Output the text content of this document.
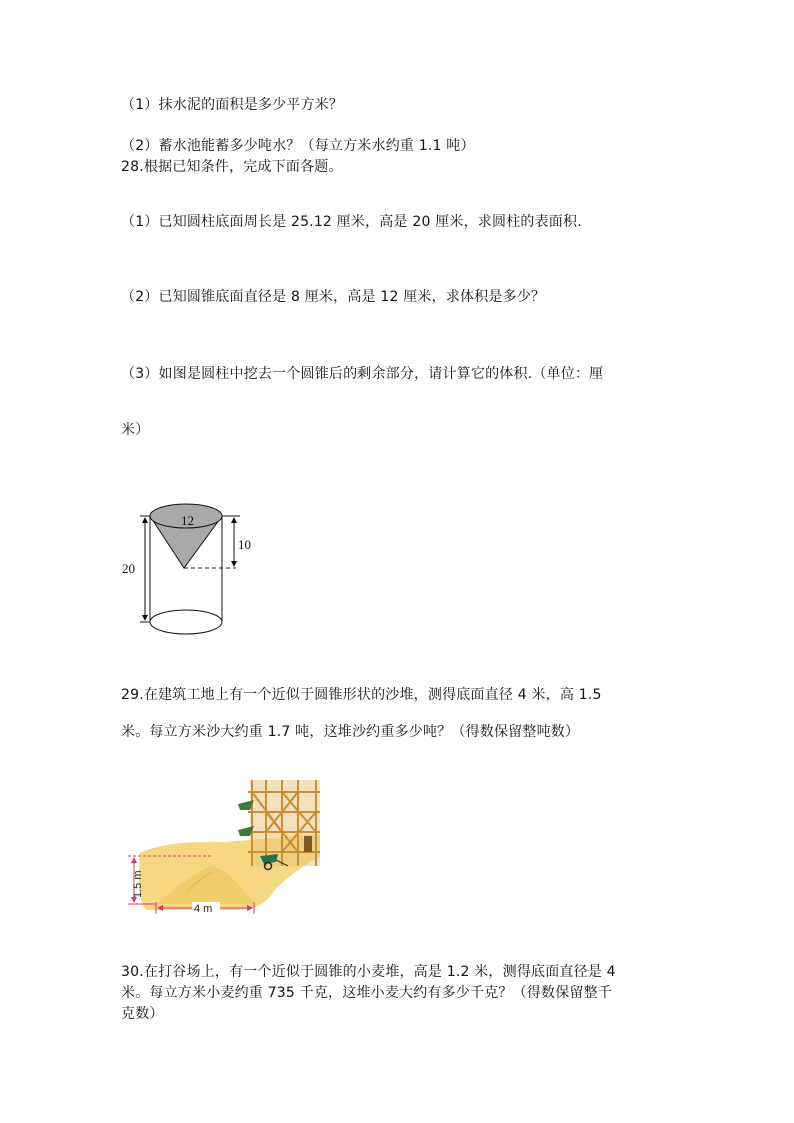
（1）抹水泥的面积是多少平方米？
（2）蓄水池能蓄多少吨水？（每立方米水约重 1.1 吨）
28.根据已知条件，完成下面各题。
（1）已知圆柱底面周长是 25.12 厘米，高是 20 厘米，求圆柱的表面积.
（2）已知圆锥底面直径是 8 厘米，高是 12 厘米，求体积是多少？
（3）如图是圆柱中挖去一个圆锥后的剩余部分，请计算它的体积.（单位：厘
米）
12
10
20
29.在建筑工地上有一个近似于圆锥形状的沙堆，测得底面直径 4 米，高 1.5
米。每立方米沙大约重 1.7 吨，这堆沙约重多少吨？（得数保留整吨数）
1.5 m
4 m
30.在打谷场上，有一个近似于圆锥的小麦堆，高是 1.2 米，测得底面直径是 4
米。每立方米小麦约重 735 千克，这堆小麦大约有多少千克？（得数保留整千
克数）
